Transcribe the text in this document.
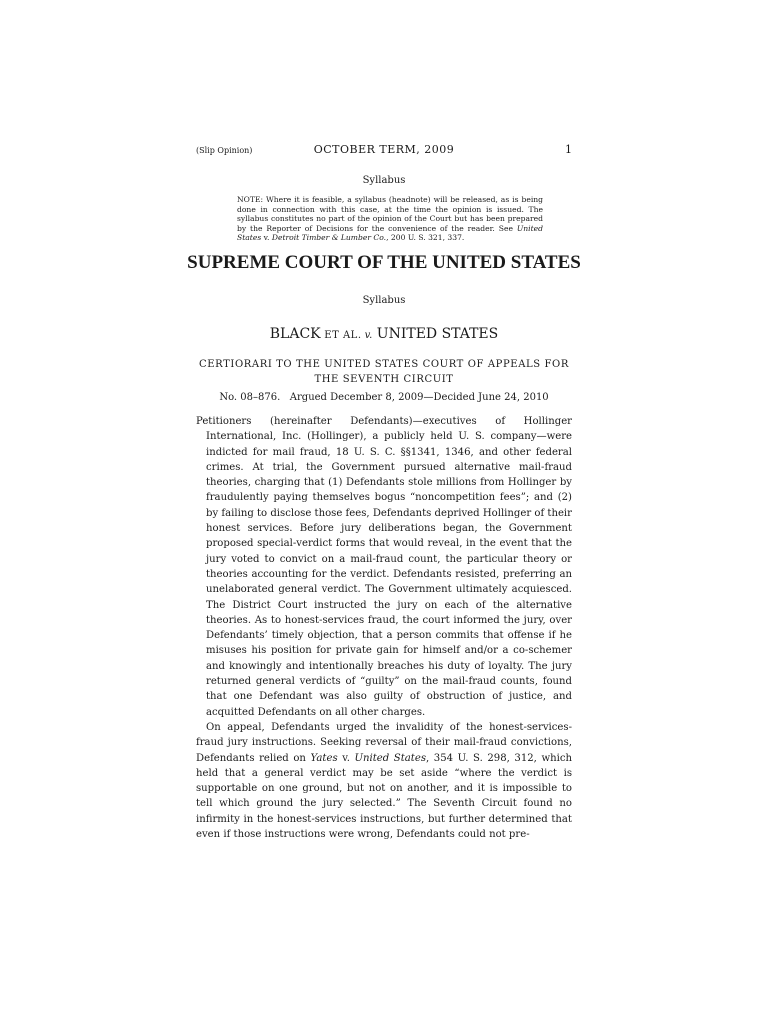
(Slip Opinion)	OCTOBER TERM, 2009	1
Syllabus
NOTE: Where it is feasible, a syllabus (headnote) will be released, as is being done in connection with this case, at the time the opinion is issued. The syllabus constitutes no part of the opinion of the Court but has been prepared by the Reporter of Decisions for the convenience of the reader. See United States v. Detroit Timber & Lumber Co., 200 U. S. 321, 337.
SUPREME COURT OF THE UNITED STATES
Syllabus
BLACK ET AL. v. UNITED STATES
CERTIORARI TO THE UNITED STATES COURT OF APPEALS FOR
THE SEVENTH CIRCUIT
No. 08–876.   Argued December 8, 2009—Decided June 24, 2010

Petitioners (hereinafter Defendants)—executives of Hollinger International, Inc. (Hollinger), a publicly held U. S. company—were indicted for mail fraud, 18 U. S. C. §§1341, 1346, and other federal crimes. At trial, the Government pursued alternative mail-fraud theories, charging that (1) Defendants stole millions from Hollinger by fraudulently paying themselves bogus “noncompetition fees”; and (2) by failing to disclose those fees, Defendants deprived Hollinger of their honest services. Before jury deliberations began, the Government proposed special-verdict forms that would reveal, in the event that the jury voted to convict on a mail-fraud count, the particular theory or theories accounting for the verdict. Defendants resisted, preferring an unelaborated general verdict. The Government ultimately acquiesced. The District Court instructed the jury on each of the alternative theories. As to honest-services fraud, the court informed the jury, over Defendants’ timely objection, that a person commits that offense if he misuses his position for private gain for himself and/or a co-schemer and knowingly and intentionally breaches his duty of loyalty. The jury returned general verdicts of “guilty” on the mail-fraud counts, found that one Defendant was also guilty of obstruction of justice, and acquitted Defendants on all other charges.

On appeal, Defendants urged the invalidity of the honest-services-fraud jury instructions. Seeking reversal of their mail-fraud convictions, Defendants relied on Yates v. United States, 354 U. S. 298, 312, which held that a general verdict may be set aside “where the verdict is supportable on one ground, but not on another, and it is impossible to tell which ground the jury selected.” The Seventh Circuit found no infirmity in the honest-services instructions, but further determined that even if those instructions were wrong, Defendants could not pre-
